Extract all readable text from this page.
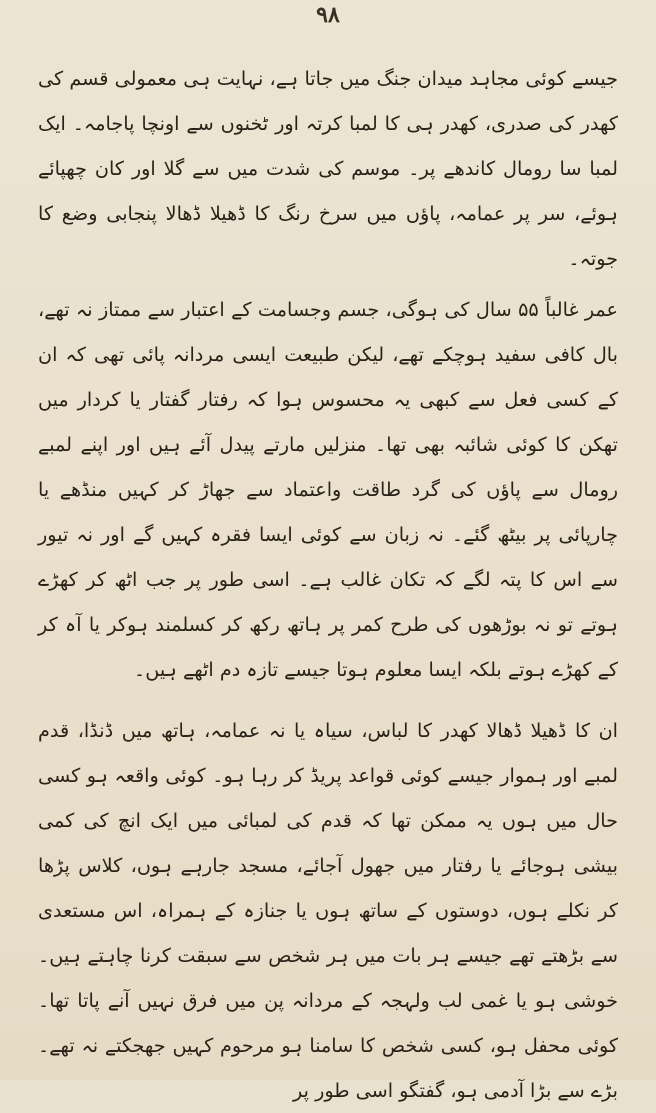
۹۸

جیسے کوئی مجاہد میدان جنگ میں جاتا ہے، نہایت ہی معمولی قسم کی کھدر کی صدری، کھدر ہی کا لمبا کرتہ اور ٹخنوں سے اونچا پاجامہ۔ ایک لمبا سا رومال کاندھے پر۔ موسم کی شدت میں سے گلا اور کان چھپائے ہوئے، سر پر عمامہ، پاؤں میں سرخ رنگ کا ڈھیلا ڈھالا پنجابی وضع کا جوتہ۔

عمر غالباً ۵۵ سال کی ہوگی، جسم وجسامت کے اعتبار سے ممتاز نہ تھے، بال کافی سفید ہوچکے تھے، لیکن طبیعت ایسی مردانہ پائی تھی کہ ان کے کسی فعل سے کبھی یہ محسوس ہوا کہ رفتار گفتار یا کردار میں تھکن کا کوئی شائبہ بھی تھا۔ منزلیں مارتے پیدل آئے ہیں اور اپنے لمبے رومال سے پاؤں کی گرد طاقت واعتماد سے جھاڑ کر کہیں منڈھے یا چارپائی پر بیٹھ گئے۔ نہ زبان سے کوئی ایسا فقرہ کہیں گے اور نہ تیور سے اس کا پتہ لگے کہ تکان غالب ہے۔ اسی طور پر جب اٹھ کر کھڑے ہوتے تو نہ بوڑھوں کی طرح کمر پر ہاتھ رکھ کر کسلمند ہوکر یا آہ کر کے کھڑے ہوتے بلکہ ایسا معلوم ہوتا جیسے تازہ دم اٹھے ہیں۔

ان کا ڈھیلا ڈھالا کھدر کا لباس، سیاہ یا نہ عمامہ، ہاتھ میں ڈنڈا، قدم لمبے اور ہموار جیسے کوئی قواعد پریڈ کر رہا ہو۔ کوئی واقعہ ہو کسی حال میں ہوں یہ ممکن تھا کہ قدم کی لمبائی میں ایک انچ کی کمی بیشی ہوجائے یا رفتار میں جھول آجائے، مسجد جارہے ہوں، کلاس پڑھا کر نکلے ہوں، دوستوں کے ساتھ ہوں یا جنازہ کے ہمراہ، اس مستعدی سے بڑھتے تھے جیسے ہر بات میں ہر شخص سے سبقت کرنا چاہتے ہیں۔ خوشی ہو یا غمی لب ولہجہ کے مردانہ پن میں فرق نہیں آنے پاتا تھا۔ کوئی محفل ہو، کسی شخص کا سامنا ہو مرحوم کہیں جھجکتے نہ تھے۔ بڑے سے بڑا آدمی ہو، گفتگو اسی طور پر
